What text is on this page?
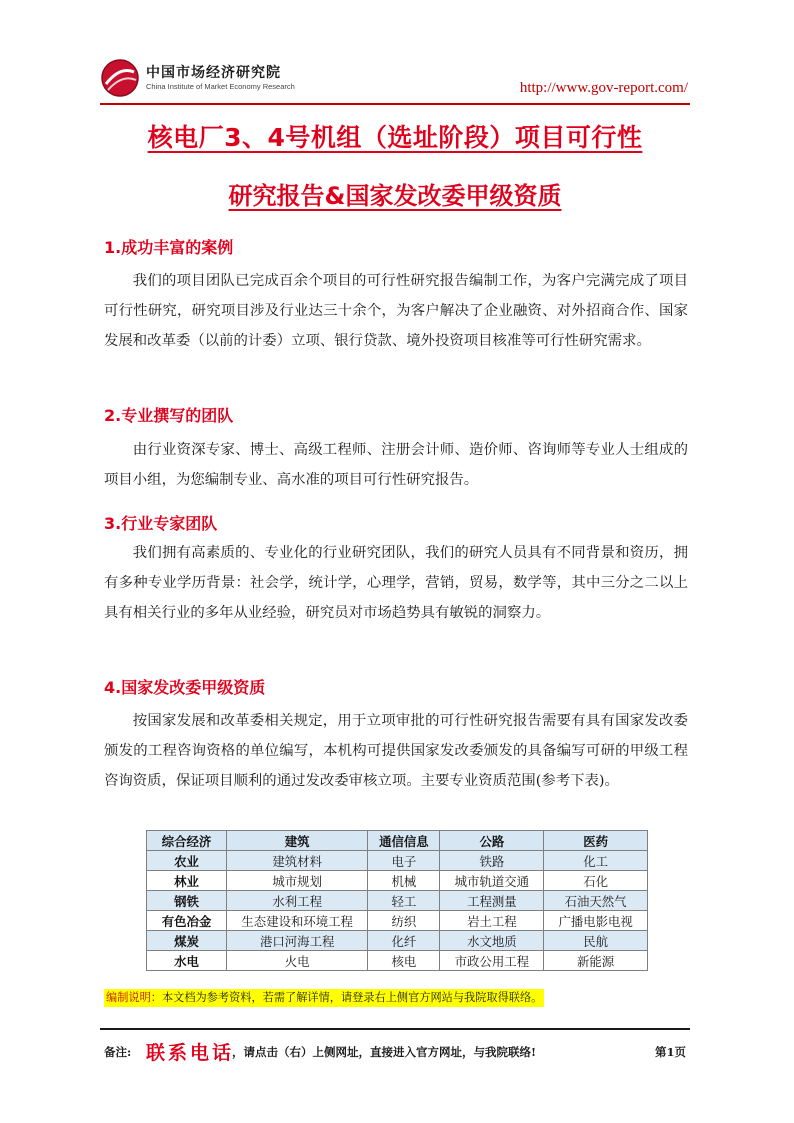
中国市场经济研究院
China Institute of Market Economy Research	http://www.gov-report.com/
核电厂3、4号机组（选址阶段）项目可行性
研究报告&国家发改委甲级资质
1.成功丰富的案例
我们的项目团队已完成百余个项目的可行性研究报告编制工作，为客户完满完成了项目可行性研究，研究项目涉及行业达三十余个，为客户解决了企业融资、对外招商合作、国家发展和改革委（以前的计委）立项、银行贷款、境外投资项目核准等可行性研究需求。
2.专业撰写的团队
由行业资深专家、博士、高级工程师、注册会计师、造价师、咨询师等专业人士组成的项目小组，为您编制专业、高水准的项目可行性研究报告。
3.行业专家团队
我们拥有高素质的、专业化的行业研究团队，我们的研究人员具有不同背景和资历，拥有多种专业学历背景：社会学，统计学，心理学，营销，贸易，数学等，其中三分之二以上具有相关行业的多年从业经验，研究员对市场趋势具有敏锐的洞察力。
4.国家发改委甲级资质
按国家发展和改革委相关规定，用于立项审批的可行性研究报告需要有具有国家发改委颁发的工程咨询资格的单位编写，本机构可提供国家发改委颁发的具备编写可研的甲级工程咨询资质，保证项目顺利的通过发改委审核立项。主要专业资质范围(参考下表)。
综合经济	建筑	通信信息	公路	医药
农业	建筑材料	电子	铁路	化工
林业	城市规划	机械	城市轨道交通	石化
钢铁	水利工程	轻工	工程测量	石油天然气
有色冶金	生态建设和环境工程	纺织	岩土工程	广播电影电视
煤炭	港口河海工程	化纤	水文地质	民航
水电	火电	核电	市政公用工程	新能源
编制说明：本文档为参考资料，若需了解详情，请登录右上侧官方网站与我院取得联络。
备注: 联系电话
，请点击（右）上侧网址，直接进入官方网址，与我院联络!	第1页
